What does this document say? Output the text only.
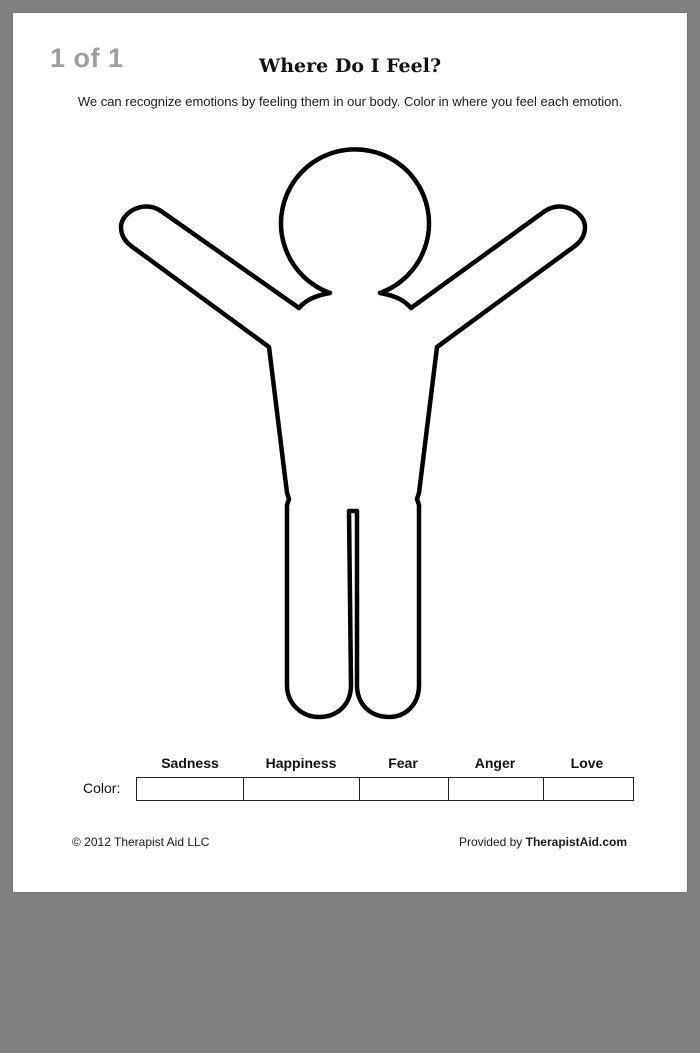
1 of 1	Where Do I Feel?
We can recognize emotions by feeling them in our body. Color in where you feel each emotion.
Sadness	Happiness	Fear	Anger	Love
Color:
© 2012 Therapist Aid LLC	Provided by TherapistAid.com
